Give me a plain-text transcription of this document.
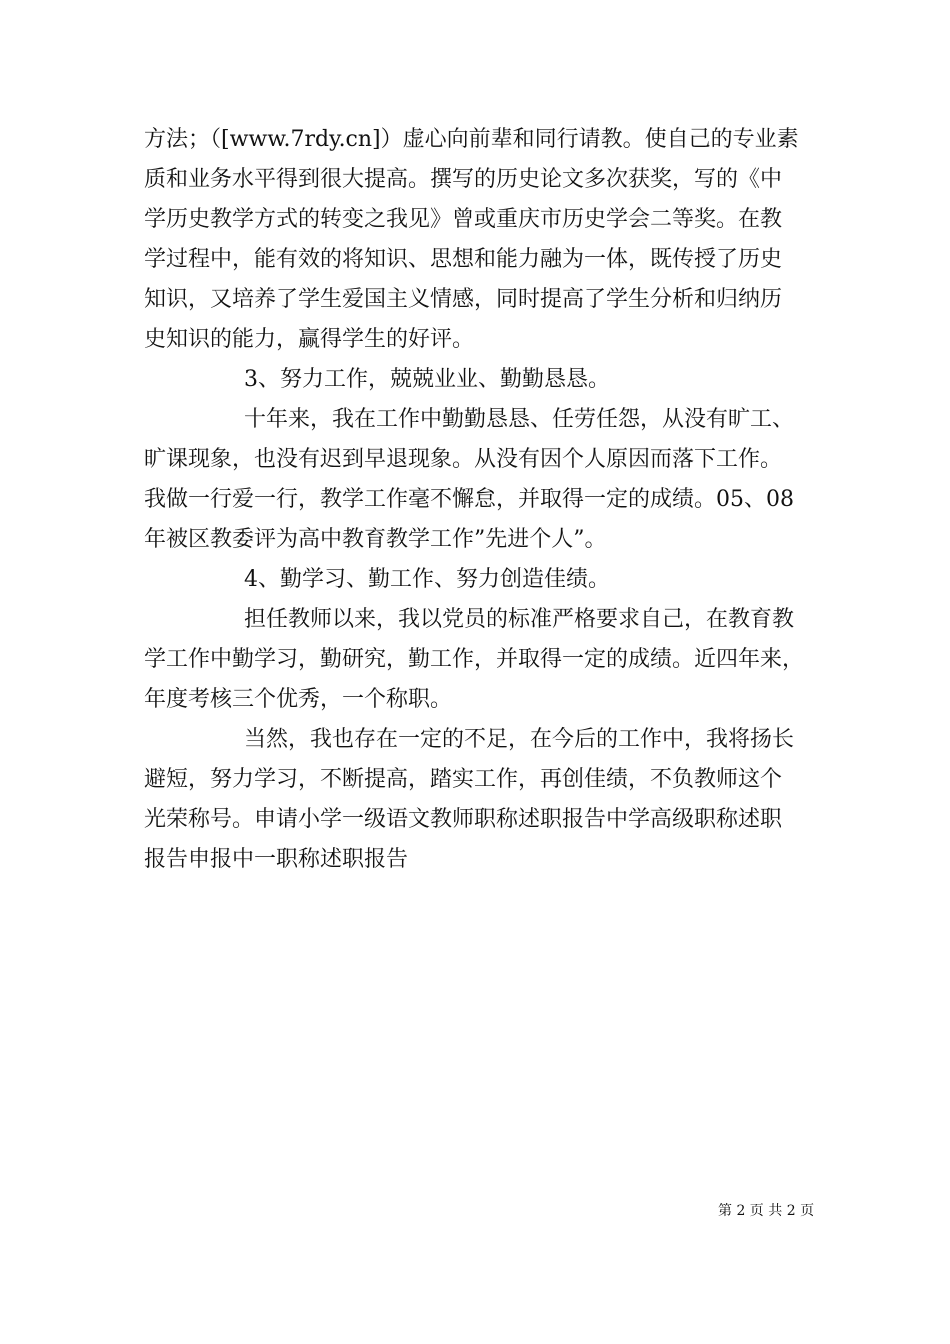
方法；（[www.7rdy.cn]）虚心向前辈和同行请教。使自己的专业素
质和业务水平得到很大提高。撰写的历史论文多次获奖，写的《中
学历史教学方式的转变之我见》曾或重庆市历史学会二等奖。在教
学过程中，能有效的将知识、思想和能力融为一体，既传授了历史
知识，又培养了学生爱国主义情感，同时提高了学生分析和归纳历
史知识的能力，赢得学生的好评。
3、努力工作，兢兢业业、勤勤恳恳。
十年来，我在工作中勤勤恳恳、任劳任怨，从没有旷工、
旷课现象，也没有迟到早退现象。从没有因个人原因而落下工作。
我做一行爱一行，教学工作毫不懈怠，并取得一定的成绩。05、08
年被区教委评为高中教育教学工作”先进个人”。
4、勤学习、勤工作、努力创造佳绩。
担任教师以来，我以党员的标准严格要求自己，在教育教
学工作中勤学习，勤研究，勤工作，并取得一定的成绩。近四年来，
年度考核三个优秀，一个称职。
当然，我也存在一定的不足，在今后的工作中，我将扬长
避短，努力学习，不断提高，踏实工作，再创佳绩，不负教师这个
光荣称号。申请小学一级语文教师职称述职报告中学高级职称述职
报告申报中一职称述职报告
第 2 页 共 2 页
